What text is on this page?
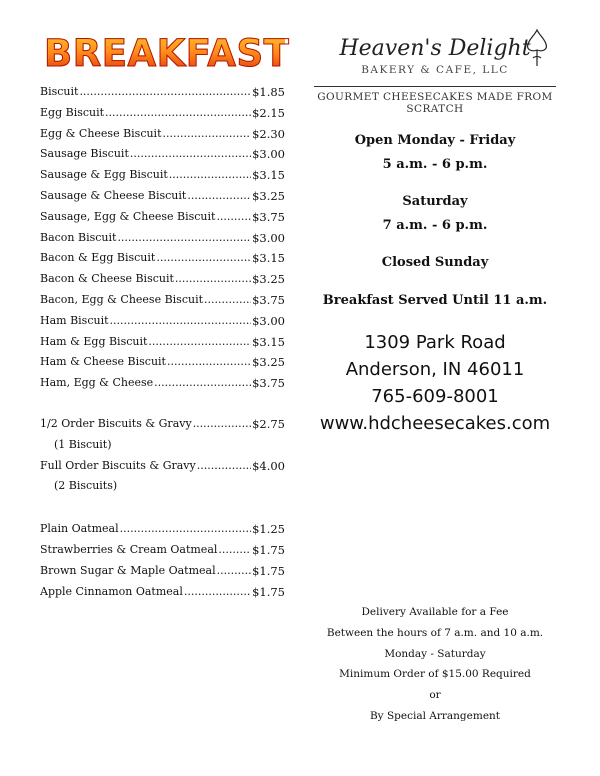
BREAKFAST
Biscuit .....	$1.85
Egg Biscuit .....	$2.15
Egg & Cheese Biscuit .....	$2.30
Sausage Biscuit .....	$3.00
Sausage & Egg Biscuit .....	$3.15
Sausage & Cheese Biscuit .....	$3.25
Sausage, Egg & Cheese Biscuit .....	$3.75
Bacon Biscuit .....	$3.00
Bacon & Egg Biscuit .....	$3.15
Bacon & Cheese Biscuit .....	$3.25
Bacon, Egg & Cheese Biscuit .....	$3.75
Ham Biscuit .....	$3.00
Ham & Egg Biscuit .....	$3.15
Ham & Cheese Biscuit .....	$3.25
Ham, Egg & Cheese .....	$3.75
1/2 Order Biscuits & Gravy .....	$2.75
(1 Biscuit)
Full Order Biscuits & Gravy .....	$4.00
(2 Biscuits)
Plain Oatmeal .....	$1.25
Strawberries & Cream Oatmeal .....	$1.75
Brown Sugar & Maple Oatmeal .....	$1.75
Apple Cinnamon Oatmeal .....	$1.75
Heaven's Delight
BAKERY & CAFE, LLC
GOURMET CHEESECAKES MADE FROM SCRATCH
Open Monday - Friday
5 a.m. - 6 p.m.
Saturday
7 a.m. - 6 p.m.
Closed Sunday
Breakfast Served Until 11 a.m.
1309 Park Road
Anderson, IN 46011
765-609-8001
www.hdcheesecakes.com
Delivery Available for a Fee
Between the hours of 7 a.m. and 10 a.m.
Monday - Saturday
Minimum Order of $15.00 Required
or
By Special Arrangement
